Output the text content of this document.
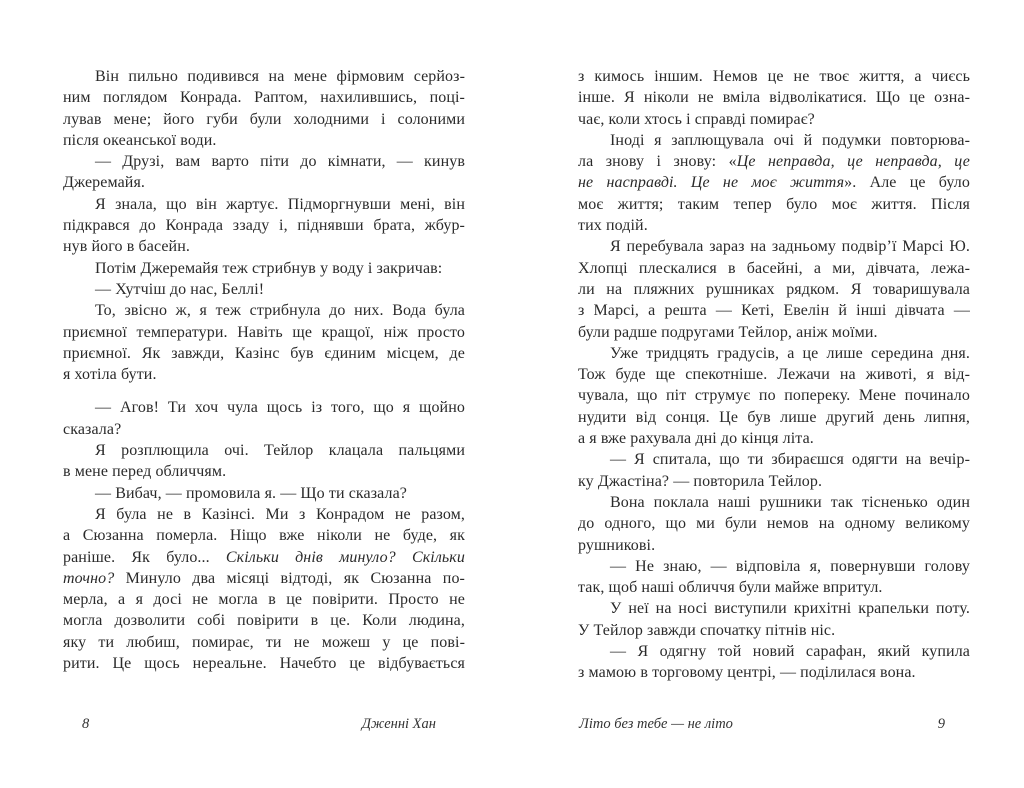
Він пильно подивився на мене фірмовим серйоз-
ним поглядом Конрада. Раптом, нахилившись, поці-
лував мене; його губи були холодними і солоними
після океанської води.
— Друзі, вам варто піти до кімнати, — кинув
Джеремайя.
Я знала, що він жартує. Підморгнувши мені, він
підкрався до Конрада ззаду і, піднявши брата, жбур-
нув його в басейн.
Потім Джеремайя теж стрибнув у воду і закричав:
— Хутчіш до нас, Беллі!
То, звісно ж, я теж стрибнула до них. Вода була
приємної температури. Навіть ще кращої, ніж просто
приємної. Як завжди, Казінс був єдиним місцем, де
я хотіла бути.
— Агов! Ти хоч чула щось із того, що я щойно
сказала?
Я розплющила очі. Тейлор клацала пальцями
в мене перед обличчям.
— Вибач, — промовила я. — Що ти сказала?
Я була не в Казінсі. Ми з Конрадом не разом,
а Сюзанна померла. Ніщо вже ніколи не буде, як
раніше. Як було... Скільки днів минуло? Скільки
точно? Минуло два місяці відтоді, як Сюзанна по-
мерла, а я досі не могла в це повірити. Просто не
могла дозволити собі повірити в це. Коли людина,
яку ти любиш, помирає, ти не можеш у це пові-
рити. Це щось нереальне. Начебто це відбувається
8	Дженні Хан
з кимось іншим. Немов це не твоє життя, а чиєсь
інше. Я ніколи не вміла відволікатися. Що це озна-
чає, коли хтось і справді помирає?
Іноді я заплющувала очі й подумки повторюва-
ла знову і знову: «Це неправда, це неправда, це
не насправді. Це не моє життя». Але це було
моє життя; таким тепер було моє життя. Після
тих подій.
Я перебувала зараз на задньому подвір’ї Марсі Ю.
Хлопці плескалися в басейні, а ми, дівчата, лежа-
ли на пляжних рушниках рядком. Я товаришувала
з Марсі, а решта — Кеті, Евелін й інші дівчата —
були радше подругами Тейлор, аніж моїми.
Уже тридцять градусів, а це лише середина дня.
Тож буде ще спекотніше. Лежачи на животі, я від-
чувала, що піт струмує по попереку. Мене починало
нудити від сонця. Це був лише другий день липня,
а я вже рахувала дні до кінця літа.
— Я спитала, що ти збираєшся одягти на вечір-
ку Джастіна? — повторила Тейлор.
Вона поклала наші рушники так тісненько один
до одного, що ми були немов на одному великому
рушникові.
— Не знаю, — відповіла я, повернувши голову
так, щоб наші обличчя були майже впритул.
У неї на носі виступили крихітні крапельки поту.
У Тейлор завжди спочатку пітнів ніс.
— Я одягну той новий сарафан, який купила
з мамою в торговому центрі, — поділилася вона.
Літо без тебе — не літо	9
